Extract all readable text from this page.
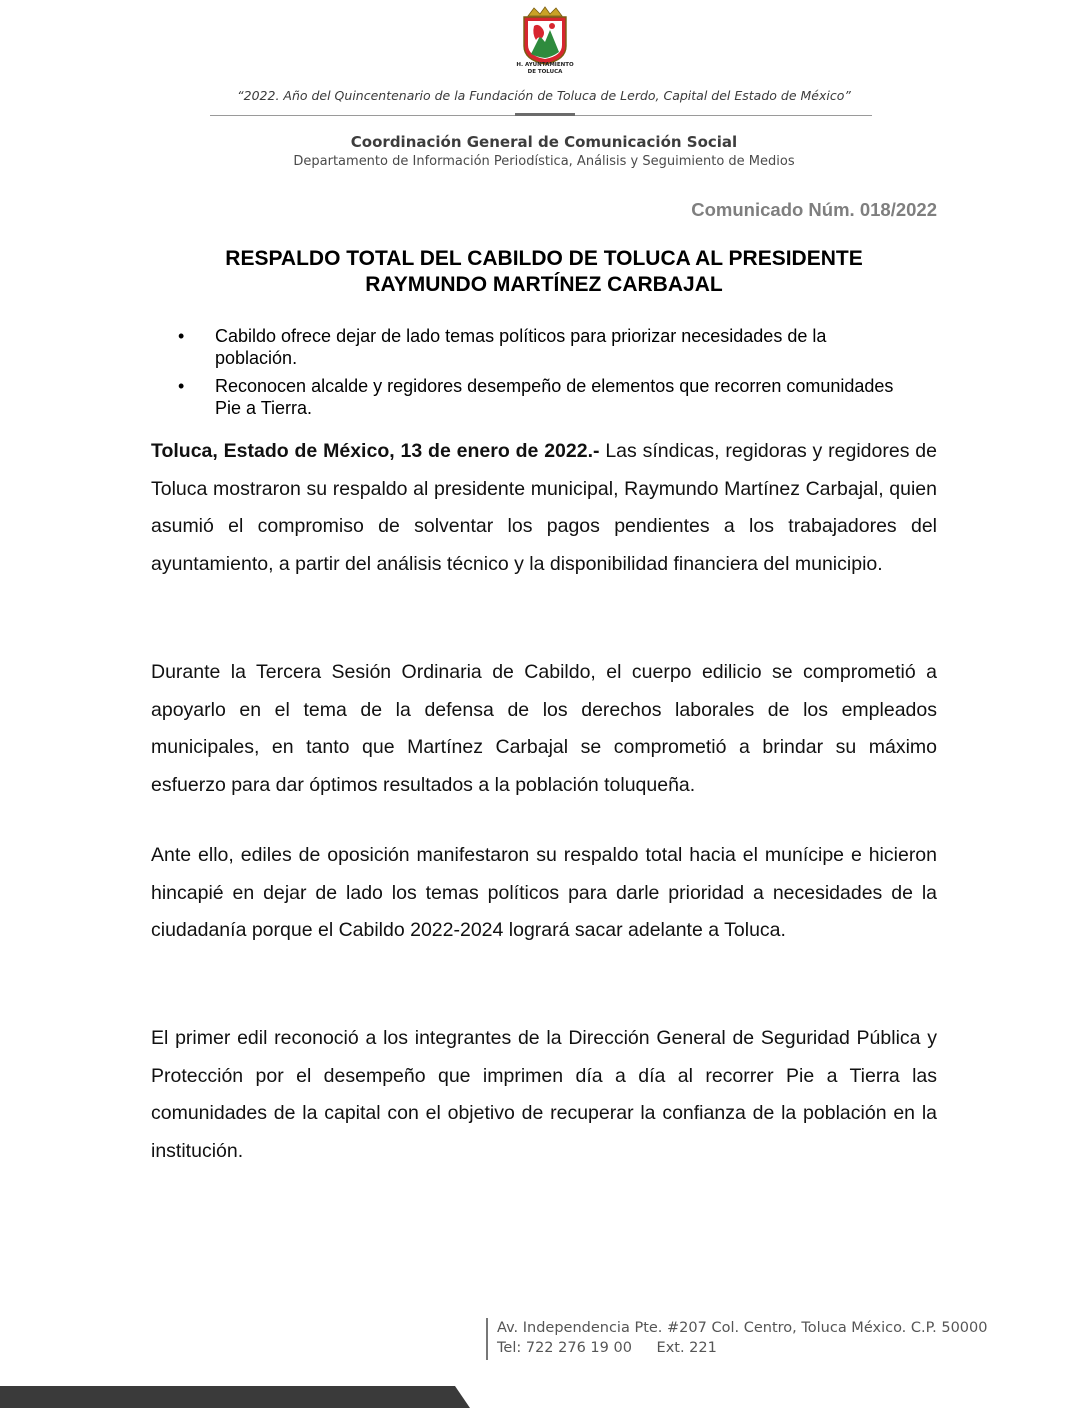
H. AYUNTAMIENTO
DE TOLUCA
“2022. Año del Quincentenario de la Fundación de Toluca de Lerdo, Capital del Estado de México”
Coordinación General de Comunicación Social
Departamento de Información Periodística, Análisis y Seguimiento de Medios
Comunicado Núm. 018/2022
RESPALDO TOTAL DEL CABILDO DE TOLUCA AL PRESIDENTE
RAYMUNDO MARTÍNEZ CARBAJAL
• Cabildo ofrece dejar de lado temas políticos para priorizar necesidades de la población.
• Reconocen alcalde y regidores desempeño de elementos que recorren comunidades Pie a Tierra.
Toluca, Estado de México, 13 de enero de 2022.- Las síndicas, regidoras y regidores de Toluca mostraron su respaldo al presidente municipal, Raymundo Martínez Carbajal, quien asumió el compromiso de solventar los pagos pendientes a los trabajadores del ayuntamiento, a partir del análisis técnico y la disponibilidad financiera del municipio.
Durante la Tercera Sesión Ordinaria de Cabildo, el cuerpo edilicio se comprometió a apoyarlo en el tema de la defensa de los derechos laborales de los empleados municipales, en tanto que Martínez Carbajal se comprometió a brindar su máximo esfuerzo para dar óptimos resultados a la población toluqueña.
Ante ello, ediles de oposición manifestaron su respaldo total hacia el munícipe e hicieron hincapié en dejar de lado los temas políticos para darle prioridad a necesidades de la ciudadanía porque el Cabildo 2022-2024 logrará sacar adelante a Toluca.
El primer edil reconoció a los integrantes de la Dirección General de Seguridad Pública y Protección por el desempeño que imprimen día a día al recorrer Pie a Tierra las comunidades de la capital con el objetivo de recuperar la confianza de la población en la institución.
Av. Independencia Pte. #207 Col. Centro, Toluca México. C.P. 50000
Tel: 722 276 19 00 Ext. 221
